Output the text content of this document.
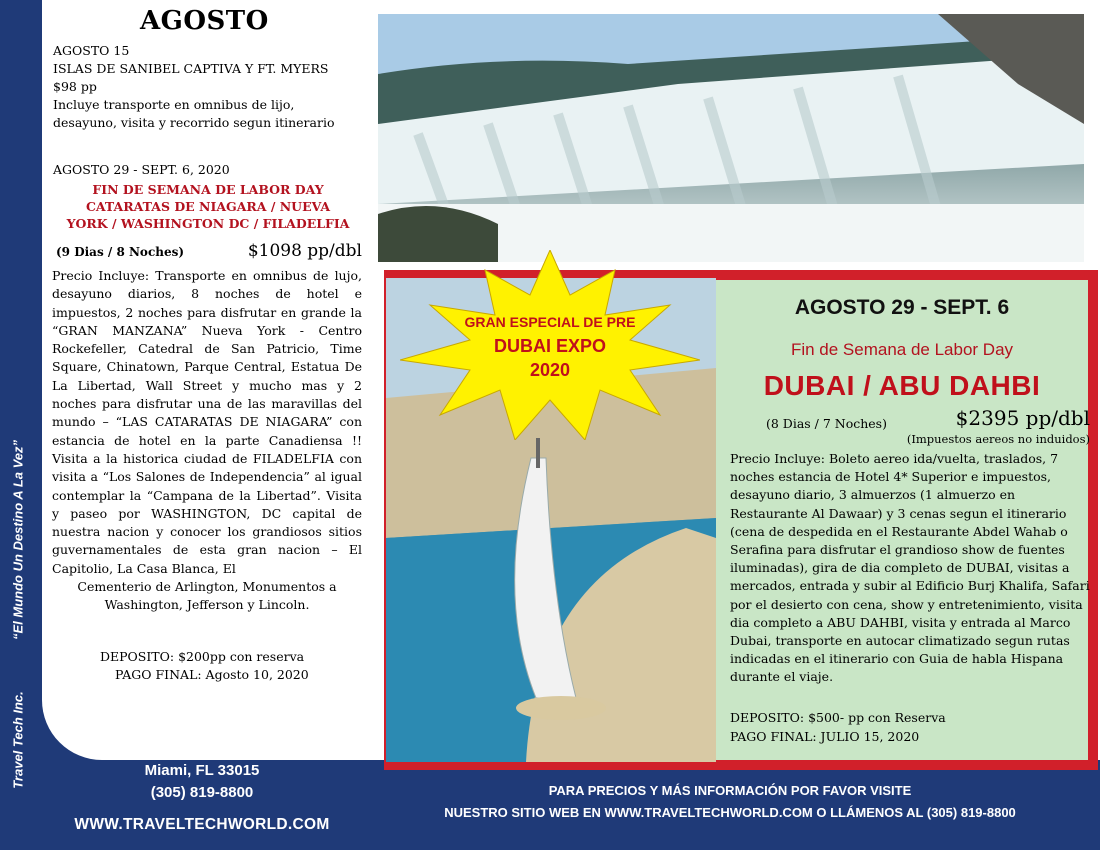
“El Mundo Un Destino A La Vez”
Travel Tech Inc.
AGOSTO
AGOSTO 15
ISLAS DE SANIBEL CAPTIVA Y FT. MYERS
$98 pp
Incluye transporte en omnibus de lijo,
desayuno, visita y recorrido segun itinerario
AGOSTO 29 - SEPT. 6, 2020
FIN DE SEMANA DE LABOR DAY
CATARATAS DE NIAGARA / NUEVA
YORK / WASHINGTON DC / FILADELFIA
(9 Dias / 8 Noches)	$1098 pp/dbl
Precio Incluye: Transporte en omnibus de lujo, desayuno diarios, 8 noches de hotel e impuestos, 2 noches para disfrutar en grande la “GRAN MANZANA” Nueva York - Centro Rockefeller, Catedral de San Patricio, Time Square, Chinatown, Parque Central, Estatua De La Libertad, Wall Street y mucho mas y 2 noches para disfrutar una de las maravillas del mundo – “LAS CATARATAS DE NIAGARA” con estancia de hotel en la parte Canadiensa !! Visita a la historica ciudad de FILADELFIA con visita a “Los Salones de Independencia” al igual contemplar la “Campana de la Libertad”. Visita y paseo por WASHINGTON, DC capital de nuestra nacion y conocer los grandiosos sitios guvernamentales de esta gran nacion – El Capitolio, La Casa Blanca, El
Cementerio de Arlington, Monumentos a
Washington, Jefferson y Lincoln.
DEPOSITO: $200pp con reserva
PAGO FINAL: Agosto 10, 2020
17115 NW 87 Ave.
Miami, FL 33015
(305) 819-8800
WWW.TRAVELTECHWORLD.COM
PARA PRECIOS Y MÁS INFORMACIÓN POR FAVOR VISITE
NUESTRO SITIO WEB EN WWW.TRAVELTECHWORLD.COM O LLÁMENOS AL (305) 819-8800
GRAN ESPECIAL DE PRE
DUBAI EXPO
2020
AGOSTO 29 - SEPT. 6
Fin de Semana de Labor Day
DUBAI / ABU DAHBI
(8 Dias / 7 Noches)	$2395 pp/dbl
(Impuestos aereos no induidos)
Precio Incluye: Boleto aereo ida/vuelta, traslados, 7 noches estancia de Hotel 4* Superior e impuestos, desayuno diario, 3 almuerzos (1 almuerzo en Restaurante Al Dawaar) y 3 cenas segun el itinerario (cena de despedida en el Restaurante Abdel Wahab o Serafina para disfrutar el grandioso show de fuentes iluminadas), gira de dia completo de DUBAI, visitas a mercados, entrada y subir al Edificio Burj Khalifa, Safari por el desierto con cena, show y entretenimiento, visita dia completo a ABU DAHBI, visita y entrada al Marco Dubai, transporte en autocar climatizado segun rutas indicadas en el itinerario con Guia de habla Hispana durante el viaje.
DEPOSITO: $500- pp con Reserva
PAGO FINAL: JULIO 15, 2020
